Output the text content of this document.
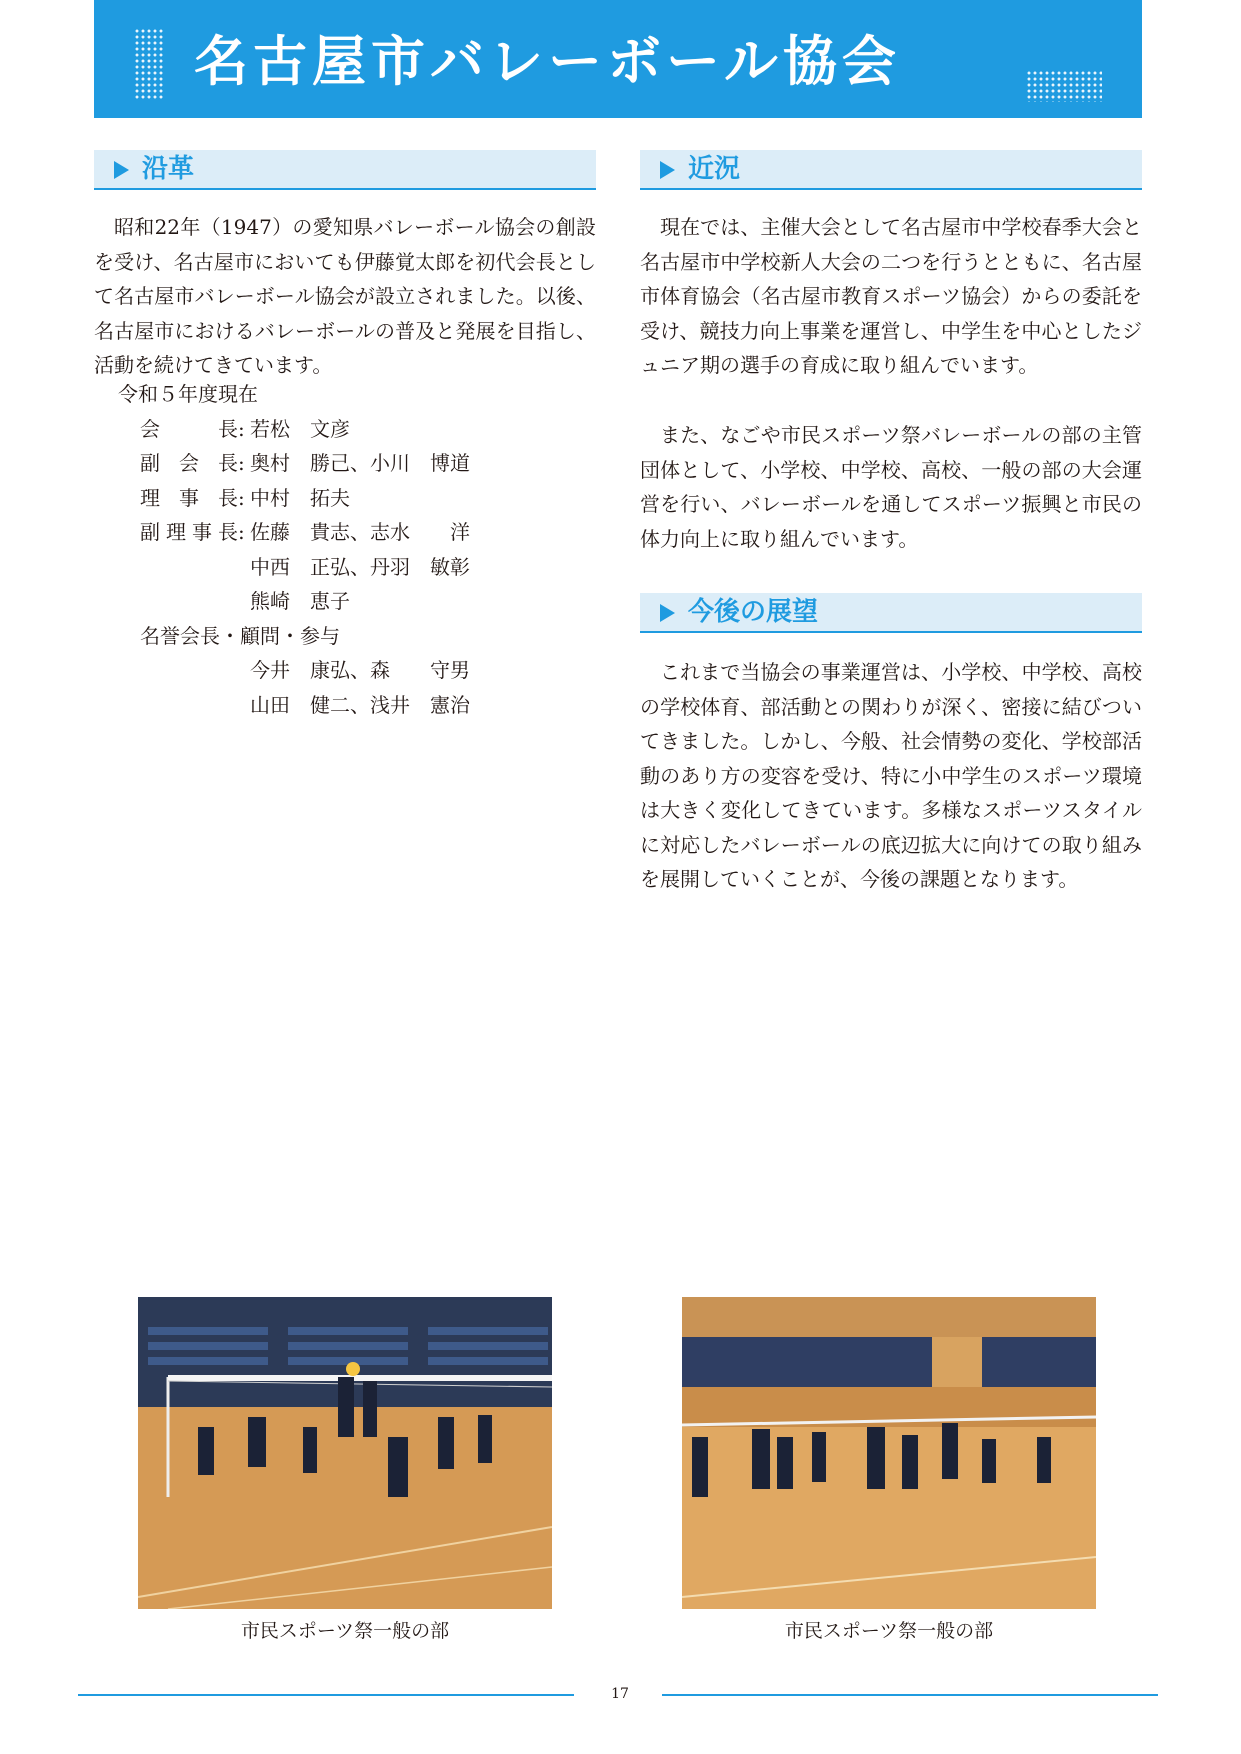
名古屋市バレーボール協会
沿革

昭和22年（1947）の愛知県バレーボール協会の創設を受け、名古屋市においても伊藤覚太郎を初代会長として名古屋市バレーボール協会が設立されました。以後、名古屋市におけるバレーボールの普及と発展を目指し、活動を続けてきています。

令和５年度現在
会長: 若松　文彦
副会長: 奥村　勝己、小川　博道
理事長: 中村　拓夫
副理事長: 佐藤　貴志、志水　　洋
中西　正弘、丹羽　敏彰
熊崎　恵子
名誉会長・顧問・参与
今井　康弘、森　　守男
山田　健二、浅井　憲治
近況

現在では、主催大会として名古屋市中学校春季大会と名古屋市中学校新人大会の二つを行うとともに、名古屋市体育協会（名古屋市教育スポーツ協会）からの委託を受け、競技力向上事業を運営し、中学生を中心としたジュニア期の選手の育成に取り組んでいます。

また、なごや市民スポーツ祭バレーボールの部の主管団体として、小学校、中学校、高校、一般の部の大会運営を行い、バレーボールを通してスポーツ振興と市民の体力向上に取り組んでいます。

今後の展望

これまで当協会の事業運営は、小学校、中学校、高校の学校体育、部活動との関わりが深く、密接に結びついてきました。しかし、今般、社会情勢の変化、学校部活動のあり方の変容を受け、特に小中学生のスポーツ環境は大きく変化してきています。多様なスポーツスタイルに対応したバレーボールの底辺拡大に向けての取り組みを展開していくことが、今後の課題となります。

市民スポーツ祭一般の部	市民スポーツ祭一般の部
17
